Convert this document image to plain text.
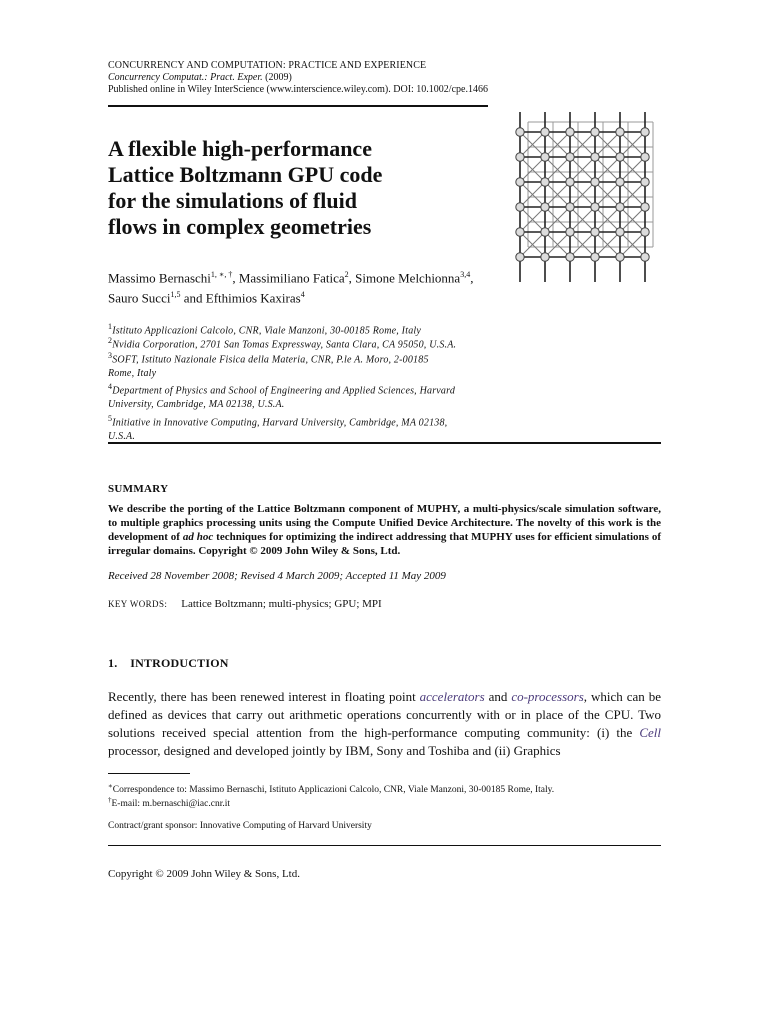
CONCURRENCY AND COMPUTATION: PRACTICE AND EXPERIENCE
Concurrency Computat.: Pract. Exper. (2009)
Published online in Wiley InterScience (www.interscience.wiley.com). DOI: 10.1002/cpe.1466
A flexible high-performance
Lattice Boltzmann GPU code
for the simulations of fluid
flows in complex geometries
Massimo Bernaschi$^{1, ∗, \dagger}$, Massimiliano Fatica$^2$, Simone Melchionna$^{3,4}$,
Sauro Succi$^{1,5}$ and Efthimios Kaxiras$^4$
$^1$Istituto Applicazioni Calcolo, CNR, Viale Manzoni, 30-00185 Rome, Italy
$^2$Nvidia Corporation, 2701 San Tomas Expressway, Santa Clara, CA 95050, U.S.A.
$^3$SOFT, Istituto Nazionale Fisica della Materia, CNR, P.le A. Moro, 2-00185
Rome, Italy
$^4$Department of Physics and School of Engineering and Applied Sciences, Harvard
University, Cambridge, MA 02138, U.S.A.
$^5$Initiative in Innovative Computing, Harvard University, Cambridge, MA 02138,
U.S.A.
SUMMARY
We describe the porting of the Lattice Boltzmann component of MUPHY, a multi-physics/scale simulation software, to multiple graphics processing units using the Compute Unified Device Architecture. The novelty of this work is the development of ad hoc techniques for optimizing the indirect addressing that MUPHY uses for efficient simulations of irregular domains. Copyright © 2009 John Wiley & Sons, Ltd.
Received 28 November 2008; Revised 4 March 2009; Accepted 11 May 2009
KEY WORDS: Lattice Boltzmann; multi-physics; GPU; MPI
1.    INTRODUCTION
Recently, there has been renewed interest in floating point accelerators and co-processors, which can be defined as devices that carry out arithmetic operations concurrently with or in place of the CPU. Two solutions received special attention from the high-performance computing community: (i) the Cell processor, designed and developed jointly by IBM, Sony and Toshiba and (ii) Graphics
∗Correspondence to: Massimo Bernaschi, Istituto Applicazioni Calcolo, CNR, Viale Manzoni, 30-00185 Rome, Italy.
†E-mail: m.bernaschi@iac.cnr.it
Contract/grant sponsor: Innovative Computing of Harvard University
Copyright © 2009 John Wiley & Sons, Ltd.
